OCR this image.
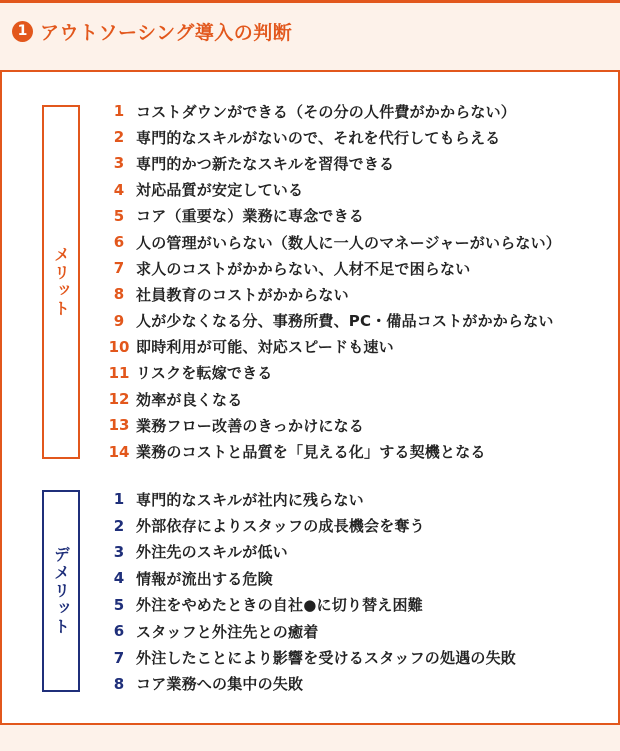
1 アウトソーシング導入の判断
メリット
1 コストダウンができる（その分の人件費がかからない）
2 専門的なスキルがないので、それを代行してもらえる
3 専門的かつ新たなスキルを習得できる
4 対応品質が安定している
5 コア（重要な）業務に専念できる
6 人の管理がいらない（数人に一人のマネージャーがいらない）
7 求人のコストがかからない、人材不足で困らない
8 社員教育のコストがかからない
9 人が少なくなる分、事務所費、PC・備品コストがかからない
10 即時利用が可能、対応スピードも速い
11 リスクを転嫁できる
12 効率が良くなる
13 業務フロー改善のきっかけになる
14 業務のコストと品質を「見える化」する契機となる
デメリット
1 専門的なスキルが社内に残らない
2 外部依存によりスタッフの成長機会を奪う
3 外注先のスキルが低い
4 情報が流出する危険
5 外注をやめたときの自社●に切り替え困難
6 スタッフと外注先との癒着
7 外注したことにより影響を受けるスタッフの処遇の失敗
8 コア業務への集中の失敗
